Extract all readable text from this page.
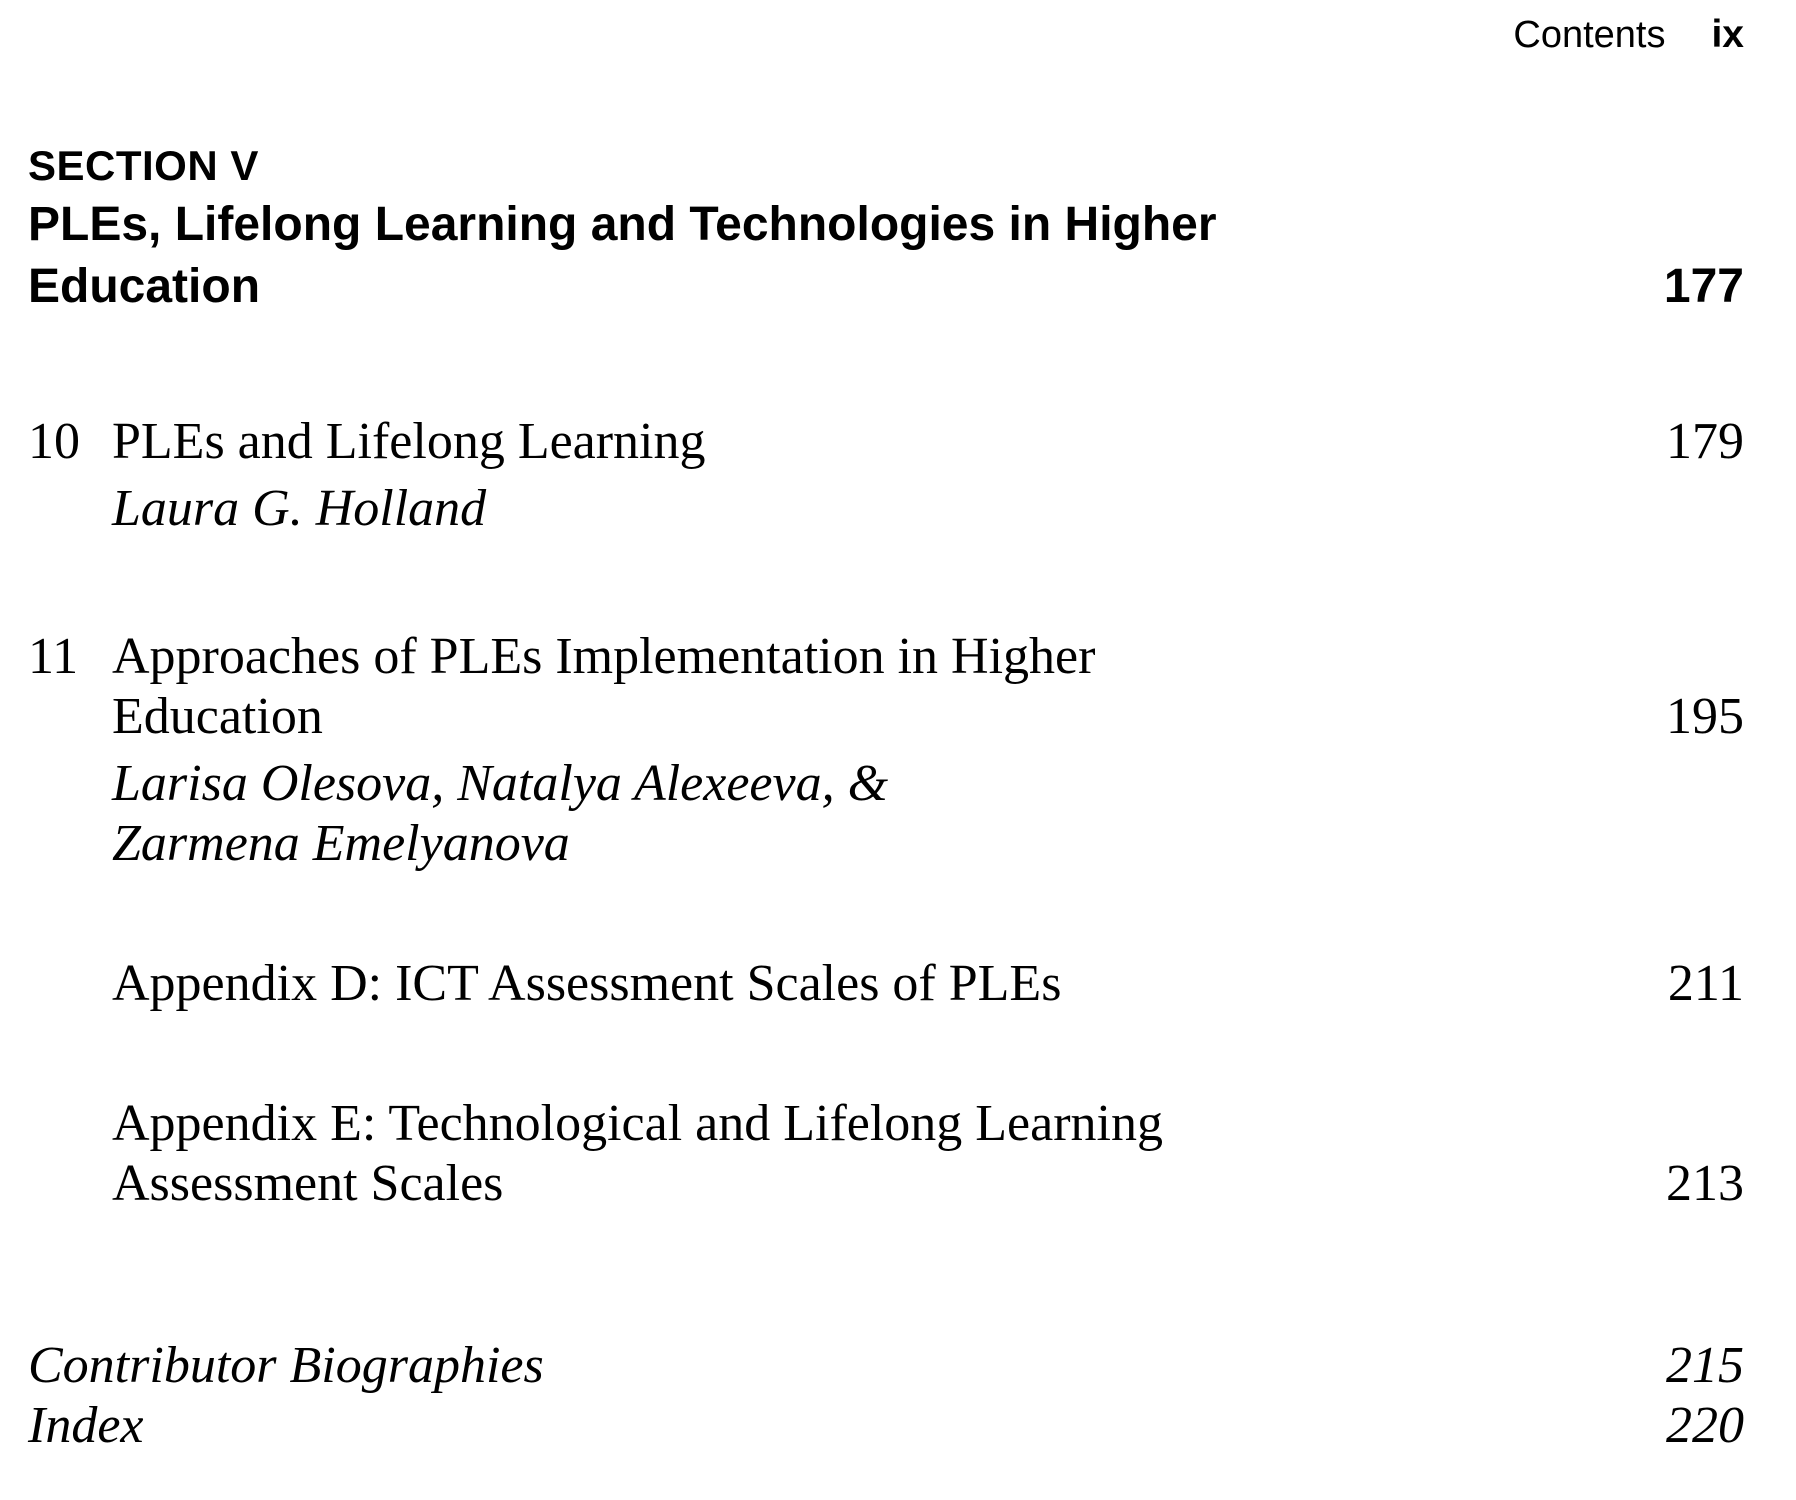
Contents ix
SECTION V
PLEs, Lifelong Learning and Technologies in Higher
Education	177
10 PLEs and Lifelong Learning	179
Laura G. Holland
11 Approaches of PLEs Implementation in Higher
Education	195
Larisa Olesova, Natalya Alexeeva, &
Zarmena Emelyanova
Appendix D: ICT Assessment Scales of PLEs	211
Appendix E: Technological and Lifelong Learning
Assessment Scales	213
Contributor Biographies	215
Index	220
